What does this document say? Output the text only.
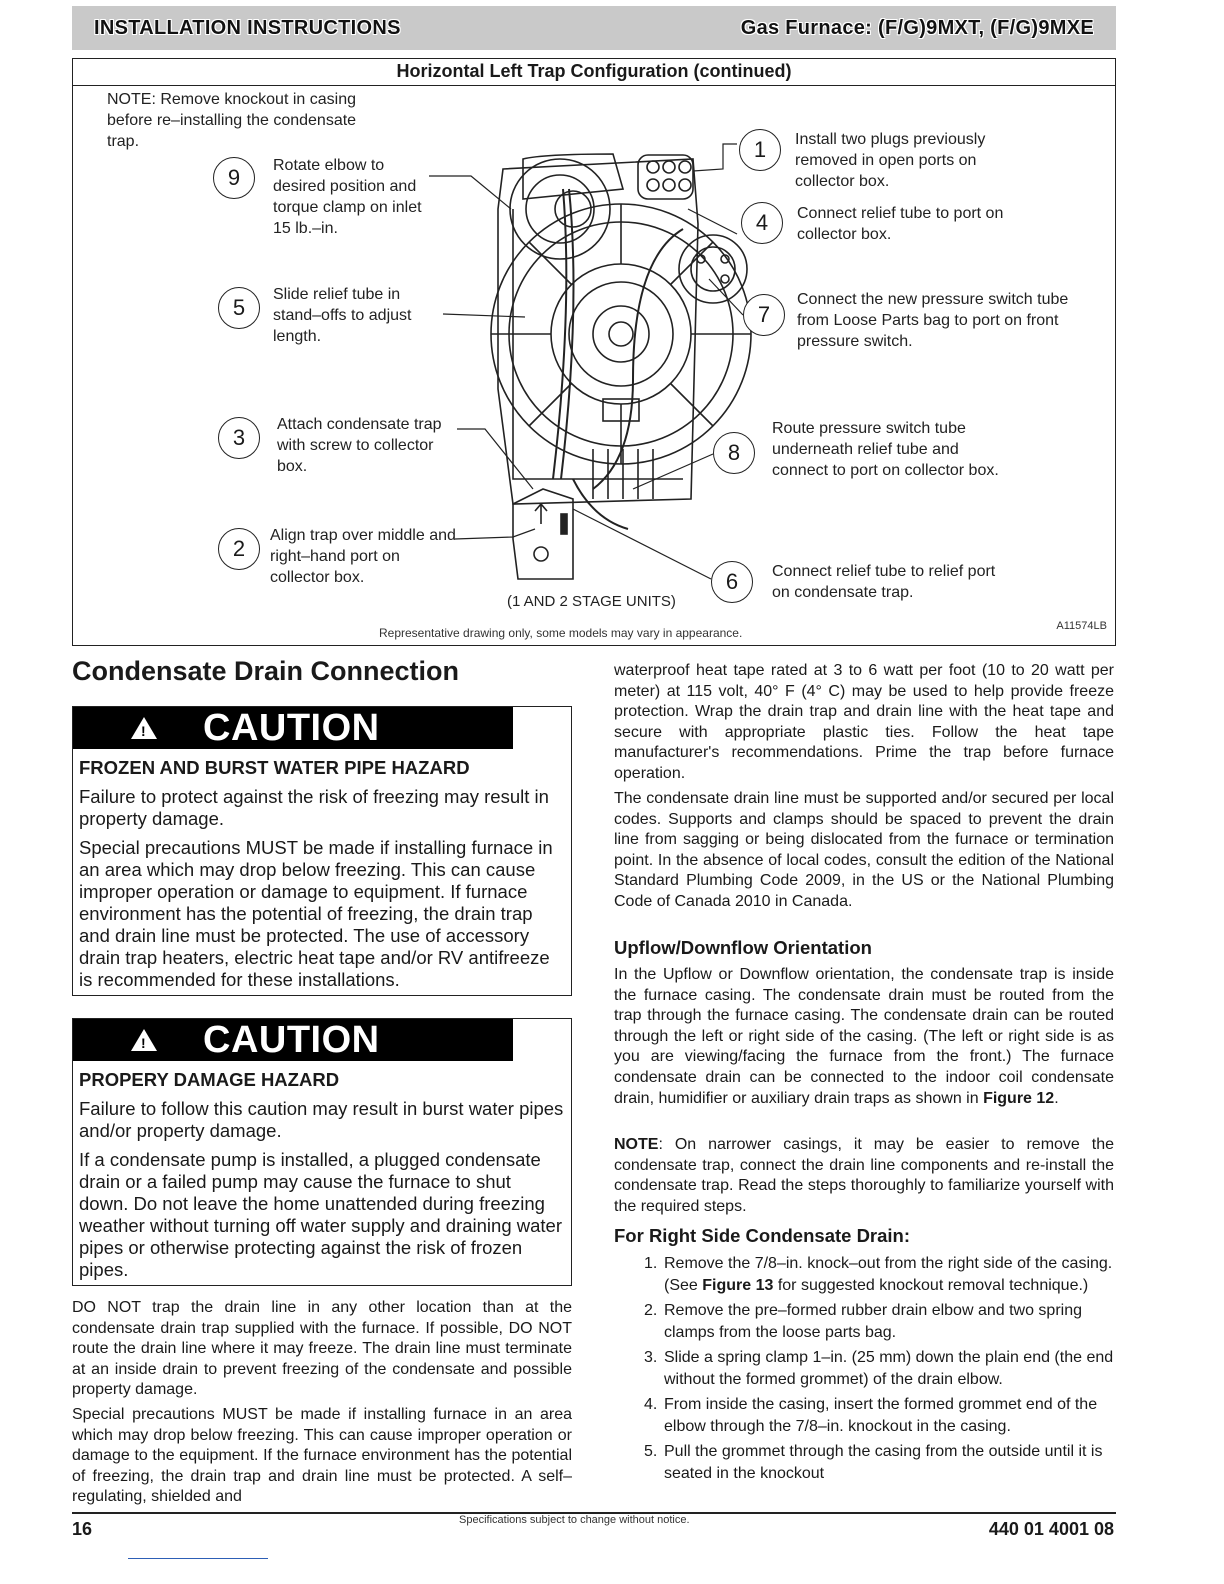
INSTALLATION INSTRUCTIONS	Gas Furnace: (F/G)9MXT, (F/G)9MXE
Horizontal Left Trap Configuration (continued)
NOTE: Remove knockout in casing before re–installing the condensate trap.
9	Rotate elbow to desired position and torque clamp on inlet 15 lb.–in.
5
Slide relief tube in stand–offs to adjust length.
3
Attach condensate trap with screw to collector box.
2
Align trap over middle and right–hand port on collector box.
1	Install two plugs previously removed in open ports on collector box.
4	Connect relief tube to port on collector box.
7
Connect the new pressure switch tube from Loose Parts bag to port on front pressure switch.
8
Route pressure switch tube underneath relief tube and connect to port on collector box.
6	Connect relief tube to relief port on condensate trap.
(1 AND 2 STAGE UNITS)
Representative drawing only, some models may vary in appearance.	A11574LB
Condensate Drain Connection
! CAUTION
FROZEN AND BURST WATER PIPE HAZARD
Failure to protect against the risk of freezing may result in property damage.
Special precautions MUST be made if installing furnace in an area which may drop below freezing. This can cause improper operation or damage to equipment. If furnace environment has the potential of freezing, the drain trap and drain line must be protected. The use of accessory drain trap heaters, electric heat tape and/or RV antifreeze is recommended for these installations.
! CAUTION
PROPERY DAMAGE HAZARD
Failure to follow this caution may result in burst water pipes and/or property damage.
If a condensate pump is installed, a plugged condensate drain or a failed pump may cause the furnace to shut down. Do not leave the home unattended during freezing weather without turning off water supply and draining water pipes or otherwise protecting against the risk of frozen pipes.
DO NOT trap the drain line in any other location than at the condensate drain trap supplied with the furnace. If possible, DO NOT route the drain line where it may freeze. The drain line must terminate at an inside drain to prevent freezing of the condensate and possible property damage.
Special precautions MUST be made if installing furnace in an area which may drop below freezing. This can cause improper operation or damage to the equipment. If the furnace environment has the potential of freezing, the drain trap and drain line must be protected. A self–regulating, shielded and
waterproof heat tape rated at 3 to 6 watt per foot (10 to 20 watt per meter) at 115 volt, 40° F (4° C) may be used to help provide freeze protection. Wrap the drain trap and drain line with the heat tape and secure with appropriate plastic ties. Follow the heat tape manufacturer's recommendations. Prime the trap before furnace operation.
The condensate drain line must be supported and/or secured per local codes. Supports and clamps should be spaced to prevent the drain line from sagging or being dislocated from the furnace or termination point. In the absence of local codes, consult the edition of the National Standard Plumbing Code 2009, in the US or the National Plumbing Code of Canada 2010 in Canada.
Upflow/Downflow Orientation
In the Upflow or Downflow orientation, the condensate trap is inside the furnace casing. The condensate drain must be routed from the trap through the furnace casing. The condensate drain can be routed through the left or right side of the casing. (The left or right side is as you are viewing/facing the furnace from the front.) The furnace condensate drain can be connected to the indoor coil condensate drain, humidifier or auxiliary drain traps as shown in Figure 12.
NOTE: On narrower casings, it may be easier to remove the condensate trap, connect the drain line components and re-install the condensate trap. Read the steps thoroughly to familiarize yourself with the required steps.
For Right Side Condensate Drain:
1. Remove the 7/8–in. knock–out from the right side of the casing. (See Figure 13 for suggested knockout removal technique.)
2. Remove the pre–formed rubber drain elbow and two spring clamps from the loose parts bag.
3. Slide a spring clamp 1–in. (25 mm) down the plain end (the end without the formed grommet) of the drain elbow.
4. From inside the casing, insert the formed grommet end of the elbow through the 7/8–in. knockout in the casing.
5. Pull the grommet through the casing from the outside until it is seated in the knockout
16	Specifications subject to change without notice.	440 01 4001 08
